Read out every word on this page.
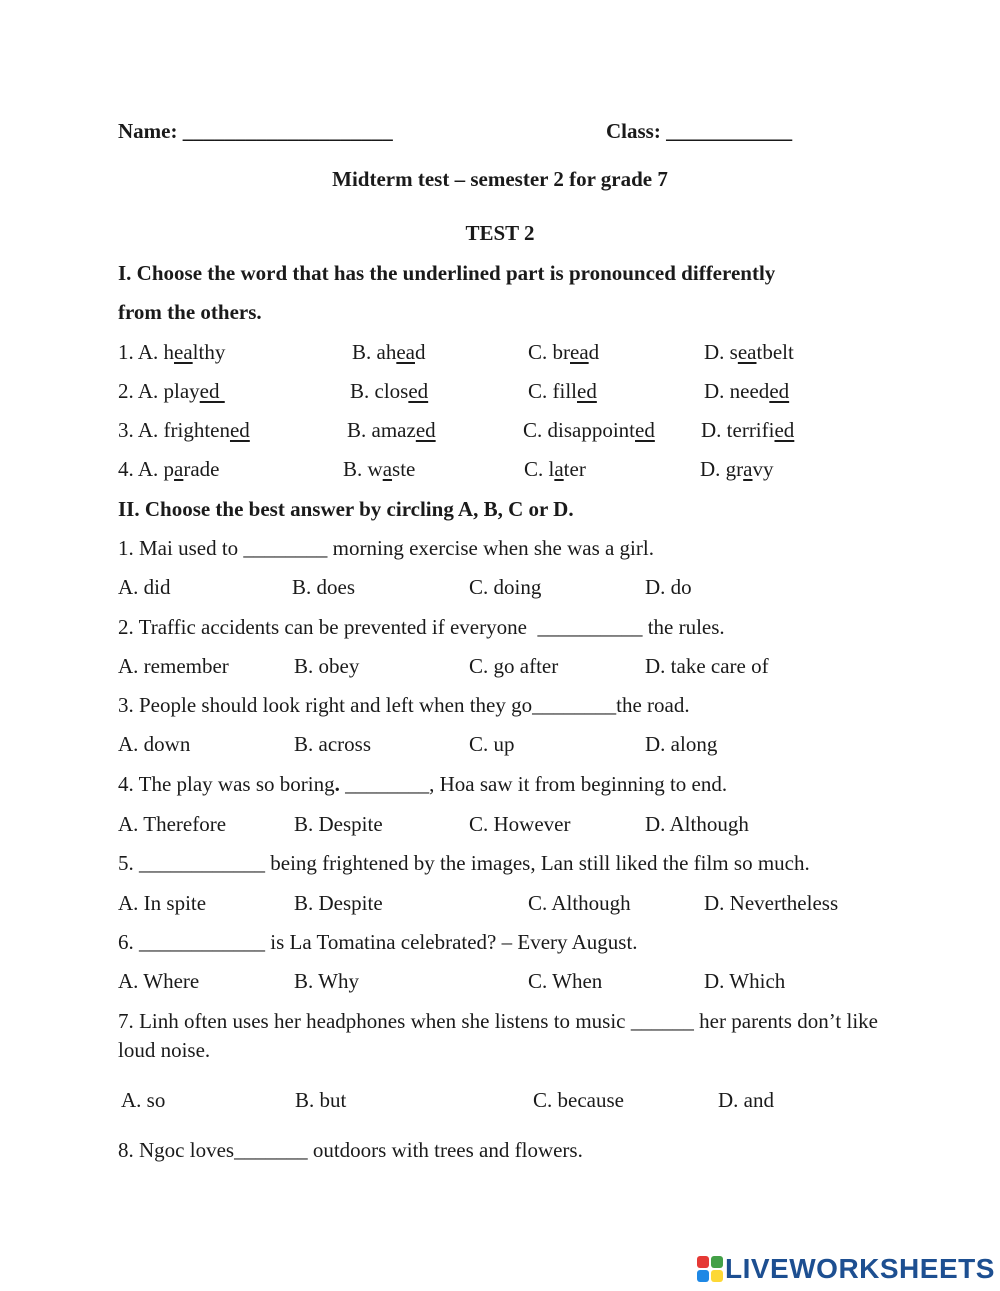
Name: ____________________	Class: ____________
Midterm test – semester 2 for grade 7
TEST 2
I. Choose the word that has the underlined part is pronounced differently
from the others.
1. A. healthy	B. ahead	C. bread	D. seatbelt
2. A. played	B. closed	C. filled	D. needed
3. A. frightened	B. amazed	C. disappointed D. terrified
4. A. parade	B. waste	C. later	D. gravy
II. Choose the best answer by circling A, B, C or D.
1. Mai used to ________ morning exercise when she was a girl.
A. did	B. does	C. doing	D. do
2. Traffic accidents can be prevented if everyone  __________ the rules.
A. remember	B. obey	C. go after	D. take care of
3. People should look right and left when they go________the road.
A. down	B. across	C. up	D. along
4. The play was so boring. ________, Hoa saw it from beginning to end.
A. Therefore	B. Despite	C. However	D. Although
5. ____________ being frightened by the images, Lan still liked the film so much.
A. In spite	B. Despite	C. Although	D. Nevertheless
6. ____________ is La Tomatina celebrated? – Every August.
A. Where	B. Why	C. When	D. Which
7. Linh often uses her headphones when she listens to music ______ her parents don’t like loud noise.
A. so	B. but	C. because	D. and
8. Ngoc loves_______ outdoors with trees and flowers.
LIVEWORKSHEETS
